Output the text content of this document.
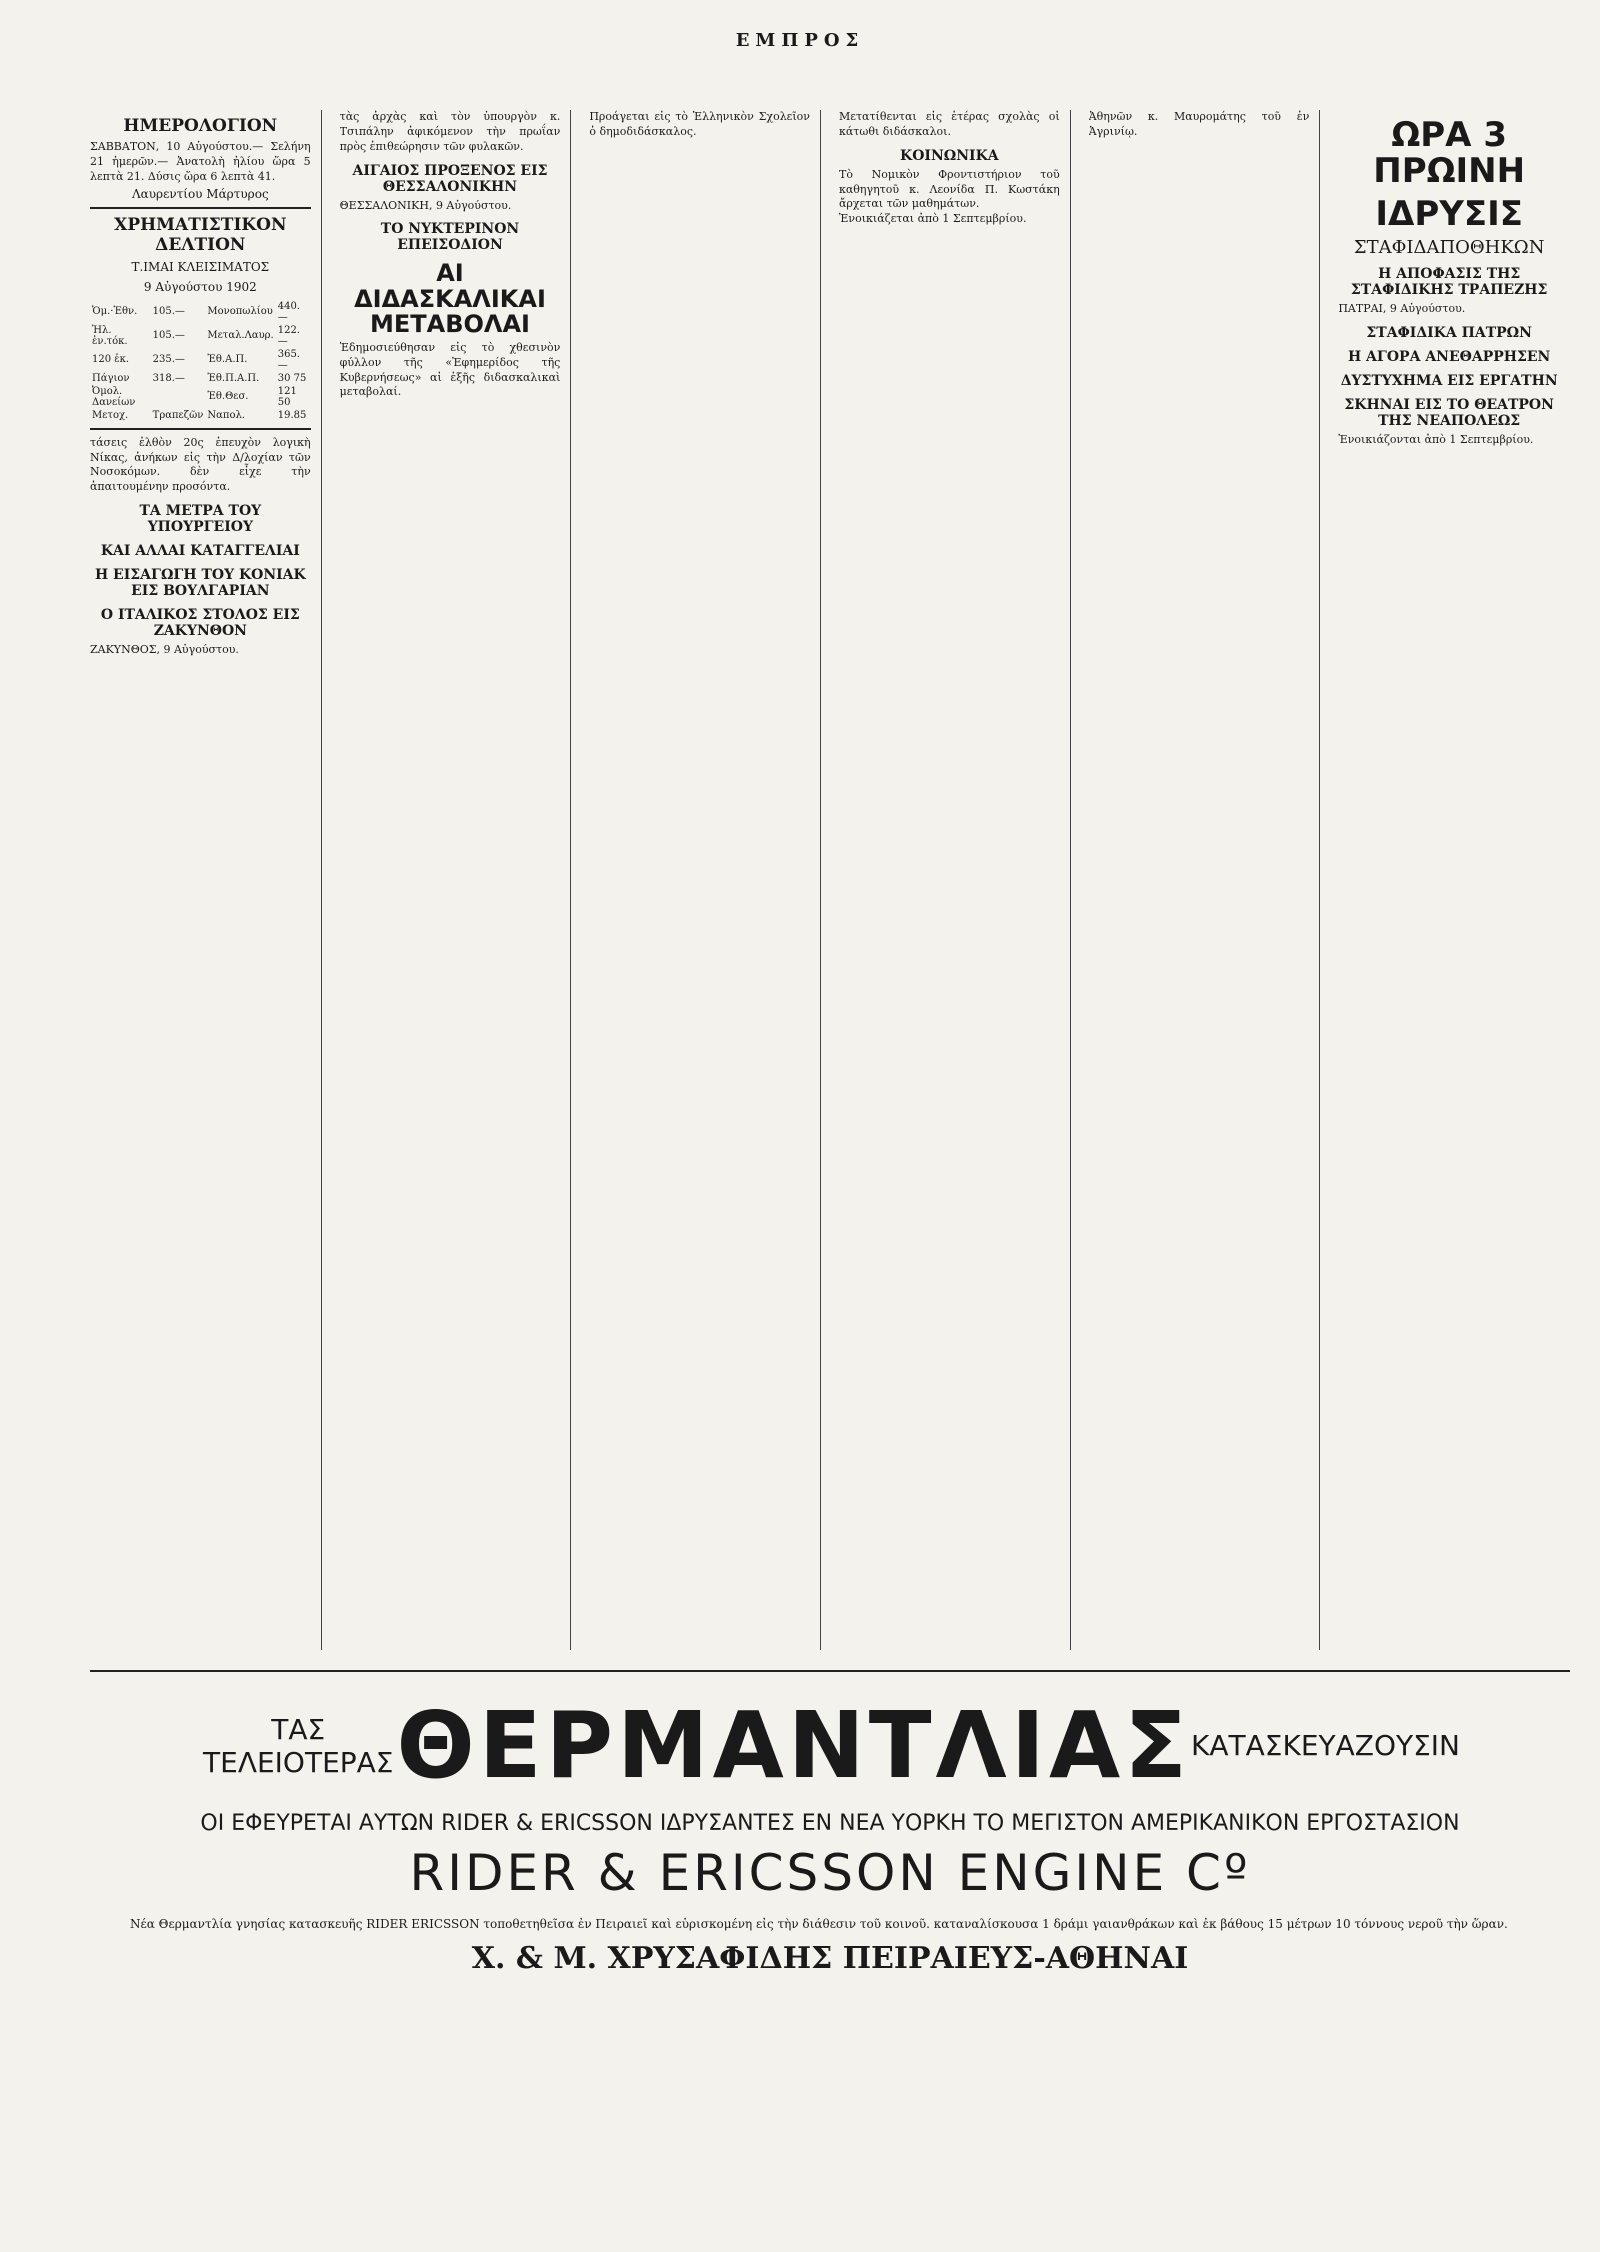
ΕΜΠΡΟΣ
ΗΜΕΡΟΛΟΓΙΟΝ
ΣΑΒΒΑΤΟΝ, 10 Αὐγούστου.— Σελήνη 21 ἡμερῶν.— Ἀνατολὴ ἡλίου ὥρα 5 λεπτὰ 21. Δύσις ὥρα 6 λεπτὰ 41.
Λαυρεντίου Μάρτυρος
ΧΡΗΜΑΤΙΣΤΙΚΟΝ ΔΕΛΤΙΟΝ
Τ.ΙΜΑΙ ΚΛΕΙΣΙΜΑΤΟΣ
9 Αὐγούστου 1902
Ὁμ.·Ἐθν.	105.—	Μονοπωλίου	440.—
Ἠλ. ἐν.τόκ.	105.—	Μεταλ.Λαυρ.	122.—
120 ἐκ.	235.—	Ἐθ.Α.Π.	365.—
Πάγιον	318.—	Ἐθ.Π.Α.Π.	30 75
Ὀμολ. Δανείων		Ἐθ.Θεσ.	121 50
Μετοχ.	Τραπεζῶν	Ναπολ.	19.85
τάσεις ἐλθὸν 20ς ἐπευχὸν λογικὴ Νίκας, ἀνήκων εἰς τὴν Δ/λοχίαν τῶν Νοσοκόμων. δὲν εἶχε τὴν ἀπαιτουμένην προσόντα.
ΤΑ ΜΕΤΡΑ ΤΟΥ ΥΠΟΥΡΓΕΙΟΥ
ΚΑΙ ΑΛΛΑΙ ΚΑΤΑΓΓΕΛΙΑΙ
Η ΕΙΣΑΓΩΓΗ ΤΟΥ ΚΟΝΙΑΚ ΕΙΣ ΒΟΥΛΓΑΡΙΑΝ
Ο ΙΤΑΛΙΚΟΣ ΣΤΟΛΟΣ ΕΙΣ ΖΑΚΥΝΘΟΝ
ΖΑΚΥΝΘΟΣ, 9 Αὐγούστου.
τὰς ἀρχὰς καὶ τὸν ὑπουργὸν κ. Τσιπάλην ἀφικόμενον τὴν πρωΐαν πρὸς ἐπιθεώρησιν τῶν φυλακῶν.
ΑΙΓΑΙΟΣ ΠΡΟΞΕΝΟΣ ΕΙΣ ΘΕΣΣΑΛΟΝΙΚΗΝ
ΘΕΣΣΑΛΟΝΙΚΗ, 9 Αὐγούστου.
ΤΟ ΝΥΚΤΕΡΙΝΟΝ ΕΠΕΙΣΟΔΙΟΝ
ΑΙ ΔΙΔΑΣΚΑΛΙΚΑΙ ΜΕΤΑΒΟΛΑΙ
Ἐδημοσιεύθησαν εἰς τὸ χθεσινὸν φύλλον τῆς «Ἐφημερίδος τῆς Κυβερνήσεως» αἱ ἑξῆς διδασκαλικαὶ μεταβολαί.
Προάγεται εἰς τὸ Ἑλληνικὸν Σχολεῖον ὁ δημοδιδάσκαλος.
Μετατίθενται εἰς ἑτέρας σχολὰς οἱ κάτωθι διδάσκαλοι.
ΚΟΙΝΩΝΙΚΑ
Τὸ Νομικὸν Φροντιστήριον τοῦ καθηγητοῦ κ. Λεονίδα Π. Κωστάκη ἄρχεται τῶν μαθημάτων.
Ἐνοικιάζεται ἀπὸ 1 Σεπτεμβρίου.
Ἀθηνῶν κ. Μαυρομάτης τοῦ ἐν Ἀγρινίῳ.	ΩΡΑ 3 ΠΡΩΙΝΗ
ΙΔΡΥΣΙΣ
ΣΤΑΦΙΔΑΠΟΘΗΚΩΝ
Η ΑΠΟΦΑΣΙΣ ΤΗΣ ΣΤΑΦΙΔΙΚΗΣ ΤΡΑΠΕΖΗΣ
ΠΑΤΡΑΙ, 9 Αὐγούστου.
ΣΤΑΦΙΔΙΚΑ ΠΑΤΡΩΝ
Η ΑΓΟΡΑ ΑΝΕΘΑΡΡΗΣΕΝ
ΔΥΣΤΥΧΗΜΑ ΕΙΣ ΕΡΓΑΤΗΝ
ΣΚΗΝΑΙ ΕΙΣ ΤΟ ΘΕΑΤΡΟΝ ΤΗΣ ΝΕΑΠΟΛΕΩΣ
Ἐνοικιάζονται ἀπὸ 1 Σεπτεμβρίου.
ΤΑΣ ΤΕΛΕΙΟΤΕΡΑΣ ΘΕΡΜΑΝΤΛΙΑΣ ΚΑΤΑΣΚΕΥΑΖΟΥΣΙΝ
ΟΙ ΕΦΕΥΡΕΤΑΙ ΑΥΤΩΝ RIDER & ERICSSON ΙΔΡΥΣΑΝΤΕΣ ΕΝ ΝΕΑ ΥΟΡΚΗ ΤΟ ΜΕΓΙΣΤΟΝ ΑΜΕΡΙΚΑΝΙΚΟΝ ΕΡΓΟΣΤΑΣΙΟΝ
RIDER & ERICSSON ENGINE Cº
Νέα Θερμαντλία γνησίας κατασκευῆς RIDER ERICSSON τοποθετηθεῖσα ἐν Πειραιεῖ καὶ εὑρισκομένη εἰς τὴν διάθεσιν τοῦ κοινοῦ. καταναλίσκουσα 1 δράμι γαιανθράκων καὶ ἐκ βάθους 15 μέτρων 10 τόννους νεροῦ τὴν ὥραν.
Χ. & Μ. ΧΡΥΣΑΦΙΔΗΣ ΠΕΙΡΑΙΕΥΣ-ΑΘΗΝΑΙ
